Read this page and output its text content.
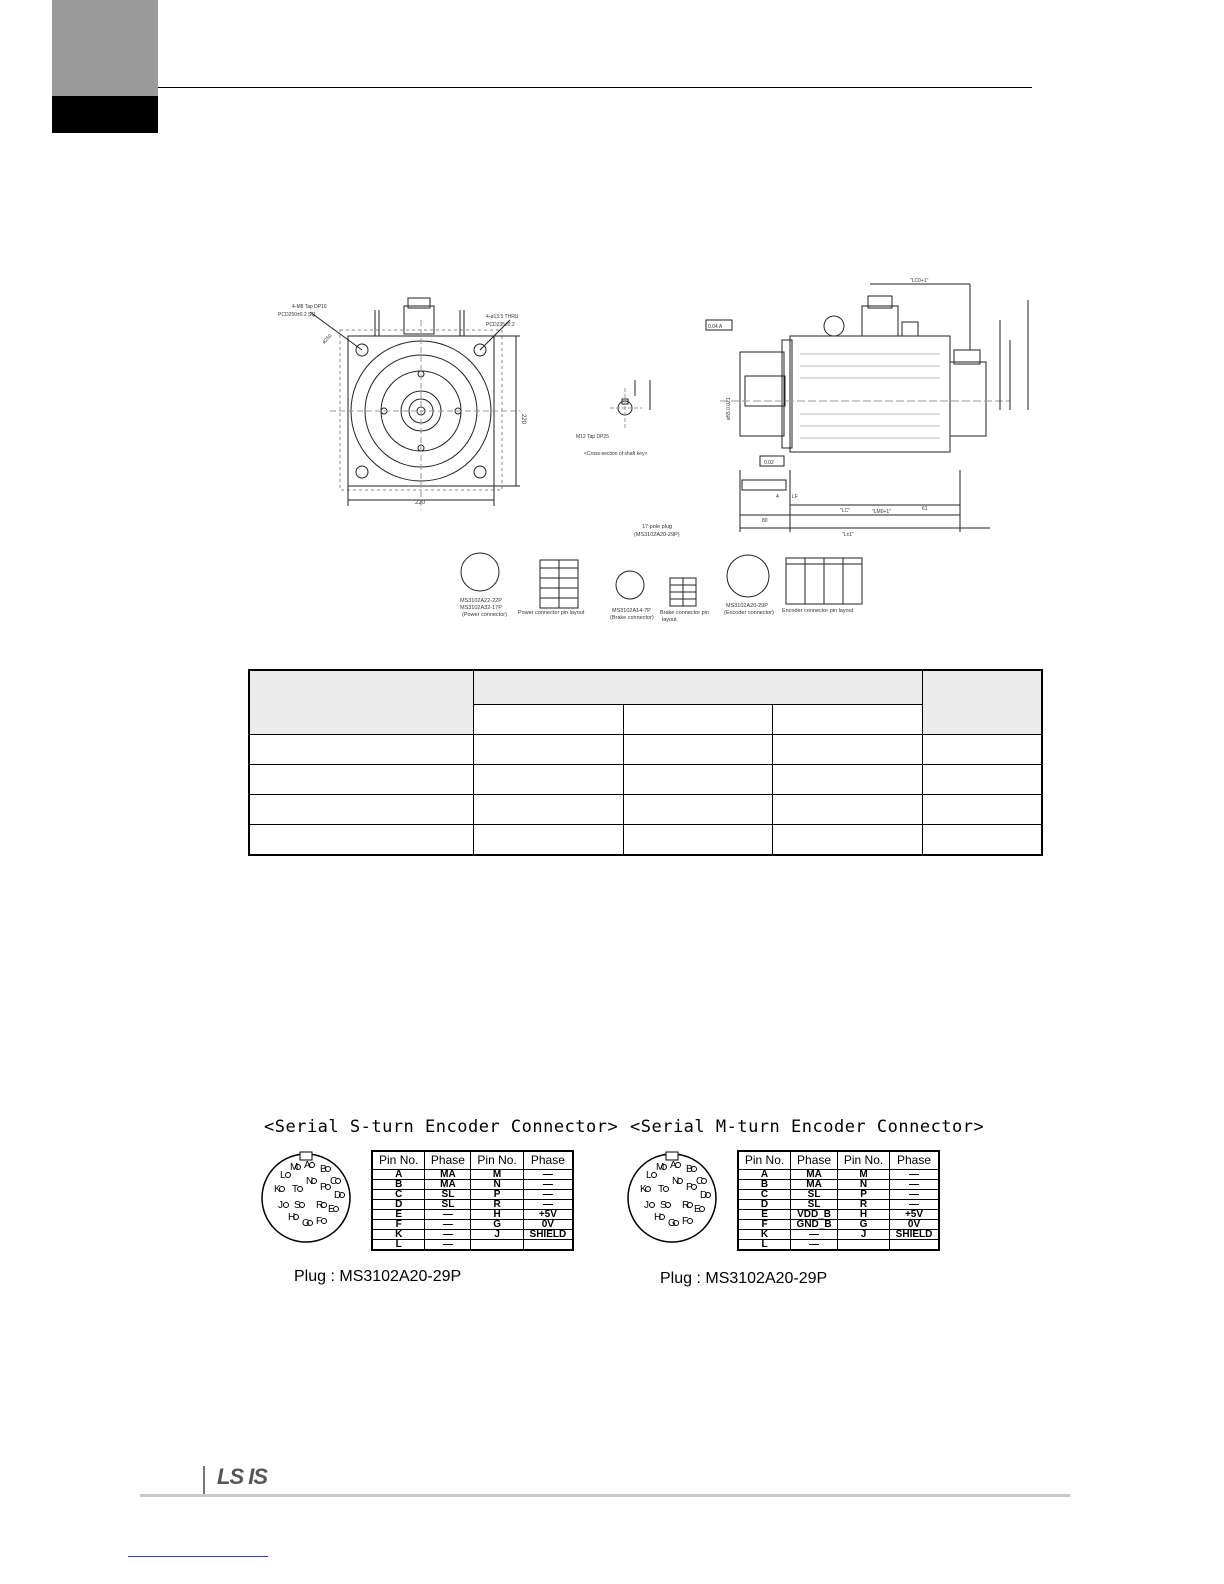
4-M8 Tap DP16
PCD250±0.2 SQ	4-ø13.5 THRU
PCD235±0.2
ø250
220
220
M12 Tap DP25
<Cross-section of shaft key>
"LC0+1"
"LM0+1"
"L±1"
"LC"
80
4	LF
61
ø55 0.021
0.02
0.04 A
17 pole plug
(MS3102A20-29P)
MS3102A22-22P
MS3102A32-17P
(Power connector) Power connector pin layout	MS3102A14-7P
(Brake connector)
Brake connector pin
layout
MS3102A20-29P
(Encoder connector) Encoder connector pin layout

<Serial S-turn Encoder Connector>
A B
C
D
E
F
G
H
J
K
L
M
N
P
R
S
T
Pin No.	Phase	Pin No.	Phase
A	MA	M	—
B	MA	N	—
C	SL	P	—
D	SL	R	—
E	—	H	+5V
F	—	G	0V
K	—	J	SHIELD
L	—		
Plug : MS3102A20-29P
<Serial M-turn Encoder Connector>
A B
C
D
E
F
G
H
J
K
L
M
N
P
R
S
T
Pin No.	Phase	Pin No.	Phase
A	MA	M	—
B	MA	N	—
C	SL	P	—
D	SL	R	—
E	VDD_B	H	+5V
F	GND_B	G	0V
K	—	J	SHIELD
L	—		
Plug : MS3102A20-29P
LS IS
